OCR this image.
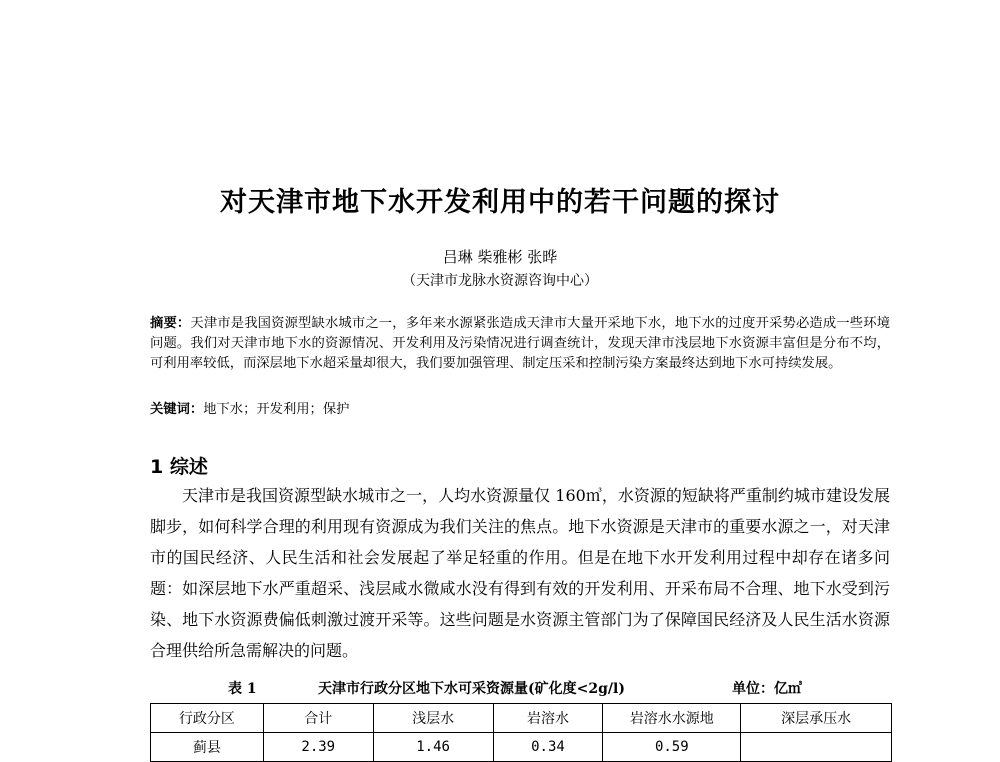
对天津市地下水开发利用中的若干问题的探讨
吕琳 柴雅彬 张晔
（天津市龙脉水资源咨询中心）
摘要：天津市是我国资源型缺水城市之一，多年来水源紧张造成天津市大量开采地下水，地下水的过度开采势必造成一些环境问题。我们对天津市地下水的资源情况、开发利用及污染情况进行调查统计，发现天津市浅层地下水资源丰富但是分布不均，可利用率较低，而深层地下水超采量却很大，我们要加强管理、制定压采和控制污染方案最终达到地下水可持续发展。
关键词：地下水；开发利用；保护
1 综述
天津市是我国资源型缺水城市之一，人均水资源量仅 160㎥，水资源的短缺将严重制约城市建设发展脚步，如何科学合理的利用现有资源成为我们关注的焦点。地下水资源是天津市的重要水源之一，对天津市的国民经济、人民生活和社会发展起了举足轻重的作用。但是在地下水开发利用过程中却存在诸多问题：如深层地下水严重超采、浅层咸水微咸水没有得到有效的开发利用、开采布局不合理、地下水受到污染、地下水资源费偏低刺激过渡开采等。这些问题是水资源主管部门为了保障国民经济及人民生活水资源合理供给所急需解决的问题。
表 1	天津市行政分区地下水可采资源量(矿化度<2g/l)	单位：亿㎥
行政分区	合计	浅层水	岩溶水	岩溶水水源地	深层承压水
蓟县	2.39	1.46	0.34	0.59	
